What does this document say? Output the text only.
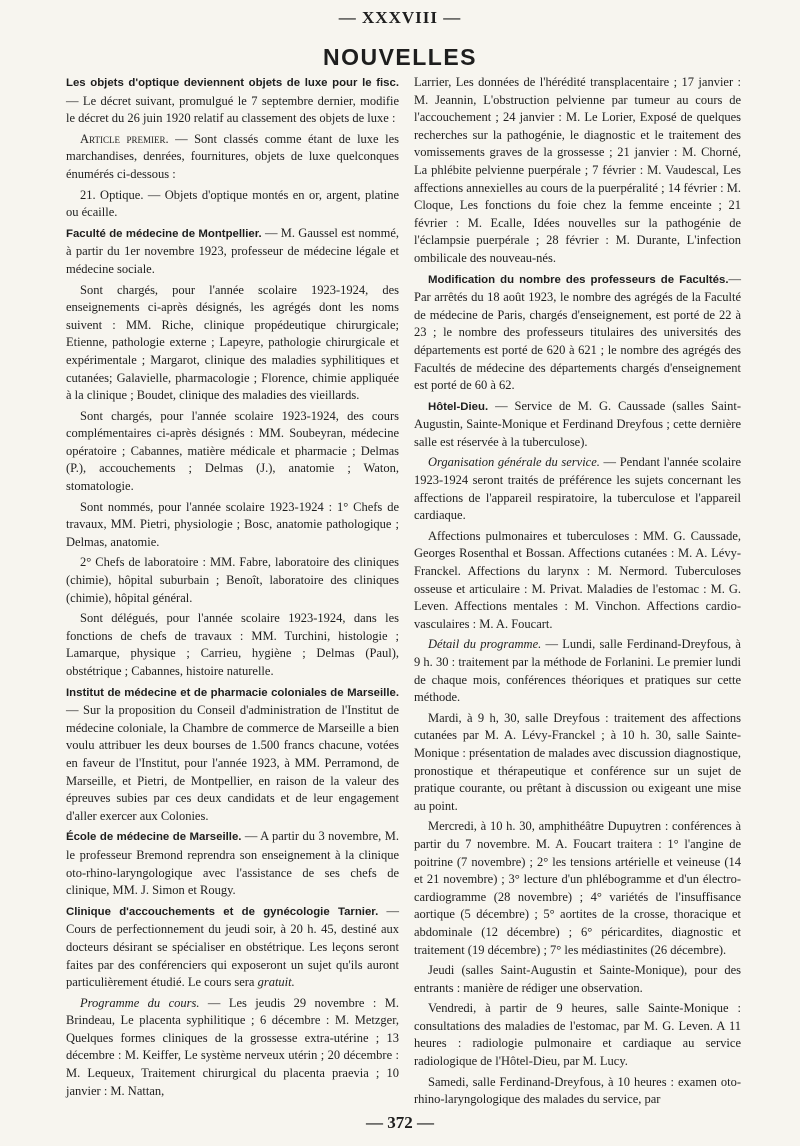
— XXXVIII —
NOUVELLES

Les objets d'optique deviennent objets de luxe pour le fisc. — Le décret suivant, promulgué le 7 septembre dernier, modifie le décret du 26 juin 1920 relatif au classement des objets de luxe :

Article premier. — Sont classés comme étant de luxe les marchandises, denrées, fournitures, objets de luxe quelconques énumérés ci-dessous :

21. Optique. — Objets d'optique montés en or, argent, platine ou écaille.

Faculté de médecine de Montpellier. — M. Gaussel est nommé, à partir du 1er novembre 1923, professeur de médecine légale et médecine sociale.

Sont chargés, pour l'année scolaire 1923-1924, des enseignements ci-après désignés, les agrégés dont les noms suivent : MM. Riche, clinique propédeutique chirurgicale; Etienne, pathologie externe ; Lapeyre, pathologie chirurgicale et expérimentale ; Margarot, clinique des maladies syphilitiques et cutanées; Galavielle, pharmacologie ; Florence, chimie appliquée à la clinique ; Boudet, clinique des maladies des vieillards.

Sont chargés, pour l'année scolaire 1923-1924, des cours complémentaires ci-après désignés : MM. Soubeyran, médecine opératoire ; Cabannes, matière médicale et pharmacie ; Delmas (P.), accouchements ; Delmas (J.), anatomie ; Waton, stomatologie.

Sont nommés, pour l'année scolaire 1923-1924 : 1° Chefs de travaux, MM. Pietri, physiologie ; Bosc, anatomie pathologique ; Delmas, anatomie.

2° Chefs de laboratoire : MM. Fabre, laboratoire des cliniques (chimie), hôpital suburbain ; Benoît, laboratoire des cliniques (chimie), hôpital général.

Sont délégués, pour l'année scolaire 1923-1924, dans les fonctions de chefs de travaux : MM. Turchini, histologie ; Lamarque, physique ; Carrieu, hygiène ; Delmas (Paul), obstétrique ; Cabannes, histoire naturelle.

Institut de médecine et de pharmacie coloniales de Marseille. — Sur la proposition du Conseil d'administration de l'Institut de médecine coloniale, la Chambre de commerce de Marseille a bien voulu attribuer les deux bourses de 1.500 francs chacune, votées en faveur de l'Institut, pour l'année 1923, à MM. Perramond, de Marseille, et Pietri, de Montpellier, en raison de la valeur des épreuves subies par ces deux candidats et de leur engagement d'aller exercer aux Colonies.

École de médecine de Marseille. — A partir du 3 novembre, M. le professeur Bremond reprendra son enseignement à la clinique oto-rhino-laryngologique avec l'assistance de ses chefs de clinique, MM. J. Simon et Rougy.

Clinique d'accouchements et de gynécologie Tarnier. — Cours de perfectionnement du jeudi soir, à 20 h. 45, destiné aux docteurs désirant se spécialiser en obstétrique. Les leçons seront faites par des conférenciers qui exposeront un sujet qu'ils auront particulièrement étudié. Le cours sera gratuit.

Programme du cours. — Les jeudis 29 novembre : M. Brindeau, Le placenta syphilitique ; 6 décembre : M. Metzger, Quelques formes cliniques de la grossesse extra-utérine ; 13 décembre : M. Keiffer, Le système nerveux utérin ; 20 décembre : M. Lequeux, Traitement chirurgical du placenta praevia ; 10 janvier : M. Nattan,

Larrier, Les données de l'hérédité transplacentaire ; 17 janvier : M. Jeannin, L'obstruction pelvienne par tumeur au cours de l'accouchement ; 24 janvier : M. Le Lorier, Exposé de quelques recherches sur la pathogénie, le diagnostic et le traitement des vomissements graves de la grossesse ; 21 janvier : M. Chorné, La phlébite pelvienne puerpérale ; 7 février : M. Vaudescal, Les affections annexielles au cours de la puerpéralité ; 14 février : M. Cloque, Les fonctions du foie chez la femme enceinte ; 21 février : M. Ecalle, Idées nouvelles sur la pathogénie de l'éclampsie puerpérale ; 28 février : M. Durante, L'infection ombilicale des nouveau-nés.

Modification du nombre des professeurs de Facultés.— Par arrêtés du 18 août 1923, le nombre des agrégés de la Faculté de médecine de Paris, chargés d'enseignement, est porté de 22 à 23 ; le nombre des professeurs titulaires des universités des départements est porté de 620 à 621 ; le nombre des agrégés des Facultés de médecine des départements chargés d'enseignement est porté de 60 à 62.

Hôtel-Dieu. — Service de M. G. Caussade (salles Saint-Augustin, Sainte-Monique et Ferdinand Dreyfous ; cette dernière salle est réservée à la tuberculose).

Organisation générale du service. — Pendant l'année scolaire 1923-1924 seront traités de préférence les sujets concernant les affections de l'appareil respiratoire, la tuberculose et l'appareil cardiaque.

Affections pulmonaires et tuberculoses : MM. G. Caussade, Georges Rosenthal et Bossan. Affections cutanées : M. A. Lévy-Franckel. Affections du larynx : M. Nermord. Tuberculoses osseuse et articulaire : M. Privat. Maladies de l'estomac : M. G. Leven. Affections mentales : M. Vinchon. Affections cardio-vasculaires : M. A. Foucart.

Détail du programme. — Lundi, salle Ferdinand-Dreyfous, à 9 h. 30 : traitement par la méthode de Forlanini. Le premier lundi de chaque mois, conférences théoriques et pratiques sur cette méthode.

Mardi, à 9 h, 30, salle Dreyfous : traitement des affections cutanées par M. A. Lévy-Franckel ; à 10 h. 30, salle Sainte-Monique : présentation de malades avec discussion diagnostique, pronostique et thérapeutique et conférence sur un sujet de pratique courante, ou prêtant à discussion ou exigeant une mise au point.

Mercredi, à 10 h. 30, amphithéâtre Dupuytren : conférences à partir du 7 novembre. M. A. Foucart traitera : 1° l'angine de poitrine (7 novembre) ; 2° les tensions artérielle et veineuse (14 et 21 novembre) ; 3° lecture d'un phlébogramme et d'un électro-cardiogramme (28 novembre) ; 4° variétés de l'insuffisance aortique (5 décembre) ; 5° aortites de la crosse, thoracique et abdominale (12 décembre) ; 6° péricardites, diagnostic et traitement (19 décembre) ; 7° les médiastinites (26 décembre).

Jeudi (salles Saint-Augustin et Sainte-Monique), pour des entrants : manière de rédiger une observation.

Vendredi, à partir de 9 heures, salle Sainte-Monique : consultations des maladies de l'estomac, par M. G. Leven. A 11 heures : radiologie pulmonaire et cardiaque au service radiologique de l'Hôtel-Dieu, par M. Lucy.

Samedi, salle Ferdinand-Dreyfous, à 10 heures : examen oto-rhino-laryngologique des malades du service, par

— 372 —
